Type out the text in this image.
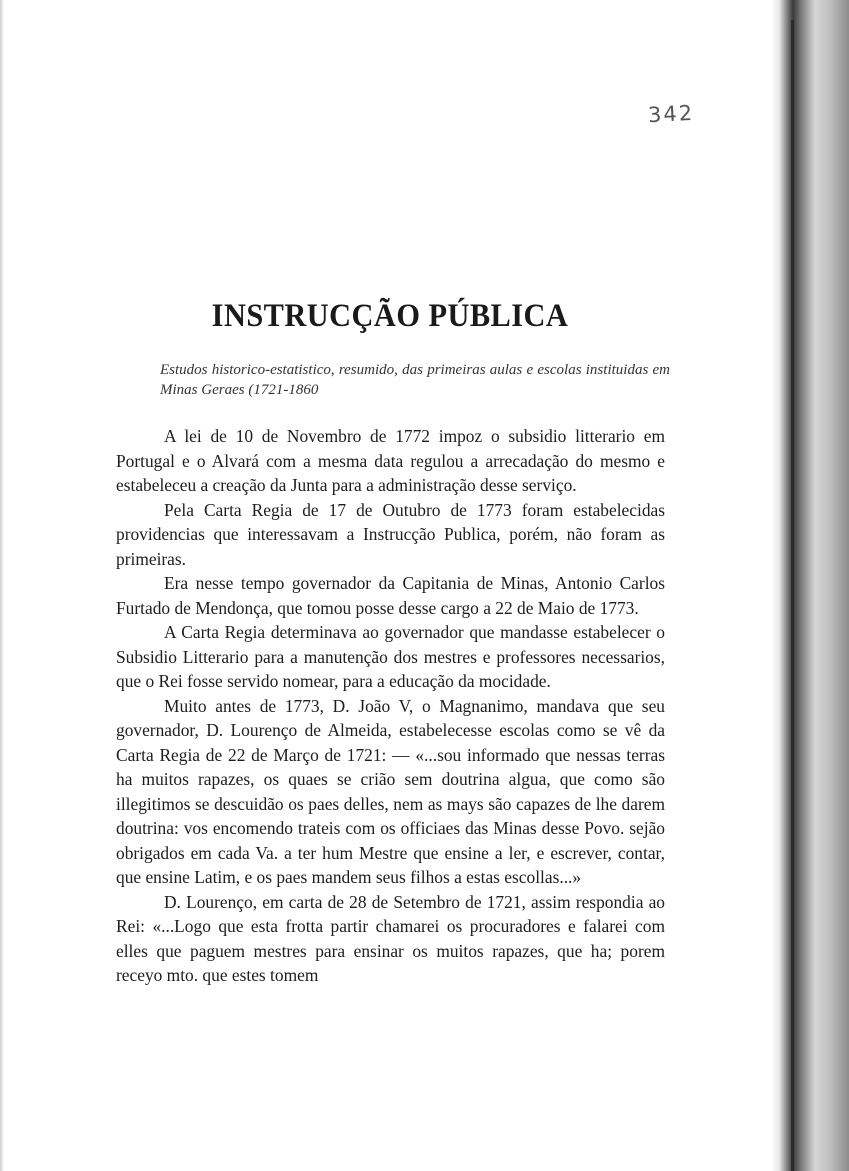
342
INSTRUCÇÃO PÚBLICA
Estudos historico-estatistico, resumido, das primeiras aulas e escolas instituidas em Minas Geraes (1721-1860

A lei de 10 de Novembro de 1772 impoz o subsidio litterario em Portugal e o Alvará com a mesma data regulou a arrecadação do mesmo e estabeleceu a creação da Junta para a administração desse serviço.

Pela Carta Regia de 17 de Outubro de 1773 foram estabelecidas providencias que interessavam a Instrucção Publica, porém, não foram as primeiras.

Era nesse tempo governador da Capitania de Minas, Antonio Carlos Furtado de Mendonça, que tomou posse desse cargo a 22 de Maio de 1773.

A Carta Regia determinava ao governador que mandasse estabelecer o Subsidio Litterario para a manutenção dos mestres e professores necessarios, que o Rei fosse servido nomear, para a educação da mocidade.

Muito antes de 1773, D. João V, o Magnanimo, mandava que seu governador, D. Lourenço de Almeida, estabelecesse escolas como se vê da Carta Regia de 22 de Março de 1721: — «...sou informado que nessas terras ha muitos rapazes, os quaes se crião sem doutrina algua, que como são illegitimos se descuidão os paes delles, nem as mays são capazes de lhe darem doutrina: vos encomendo trateis com os officiaes das Minas desse Povo. sejão obrigados em cada Va. a ter hum Mestre que ensine a ler, e escrever, contar, que ensine Latim, e os paes mandem seus filhos a estas escollas...»

D. Lourenço, em carta de 28 de Setembro de 1721, assim respondia ao Rei: «...Logo que esta frotta partir chamarei os procuradores e falarei com elles que paguem mestres para ensinar os muitos rapazes, que ha; porem receyo mto. que estes tomem
